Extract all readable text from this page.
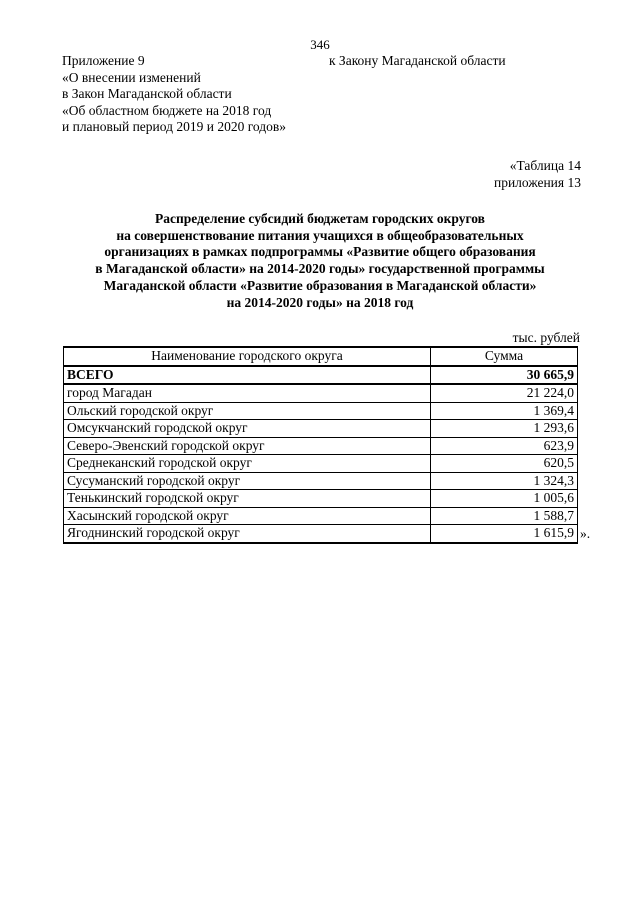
346
Приложение 9	к Закону Магаданской области
«О внесении изменений
в Закон Магаданской области
«Об областном бюджете на 2018 год
и плановый период 2019 и 2020 годов»
«Таблица 14
приложения 13
Распределение субсидий бюджетам городских округов
на совершенствование питания учащихся в общеобразовательных
организациях в рамках подпрограммы «Развитие общего образования
в Магаданской области» на 2014-2020 годы» государственной программы
Магаданской области «Развитие образования в Магаданской области»
на 2014-2020 годы» на 2018 год
тыс. рублей
Наименование городского округа	Сумма
ВСЕГО	30 665,9
город Магадан	21 224,0
Ольский городской округ	1 369,4
Омсукчанский городской округ	1 293,6
Северо-Эвенский городской округ	623,9
Среднеканский городской округ	620,5
Сусуманский городской округ	1 324,3
Тенькинский городской округ	1 005,6
Хасынский городской округ	1 588,7
Ягоднинский городской округ	1 615,9 ».
